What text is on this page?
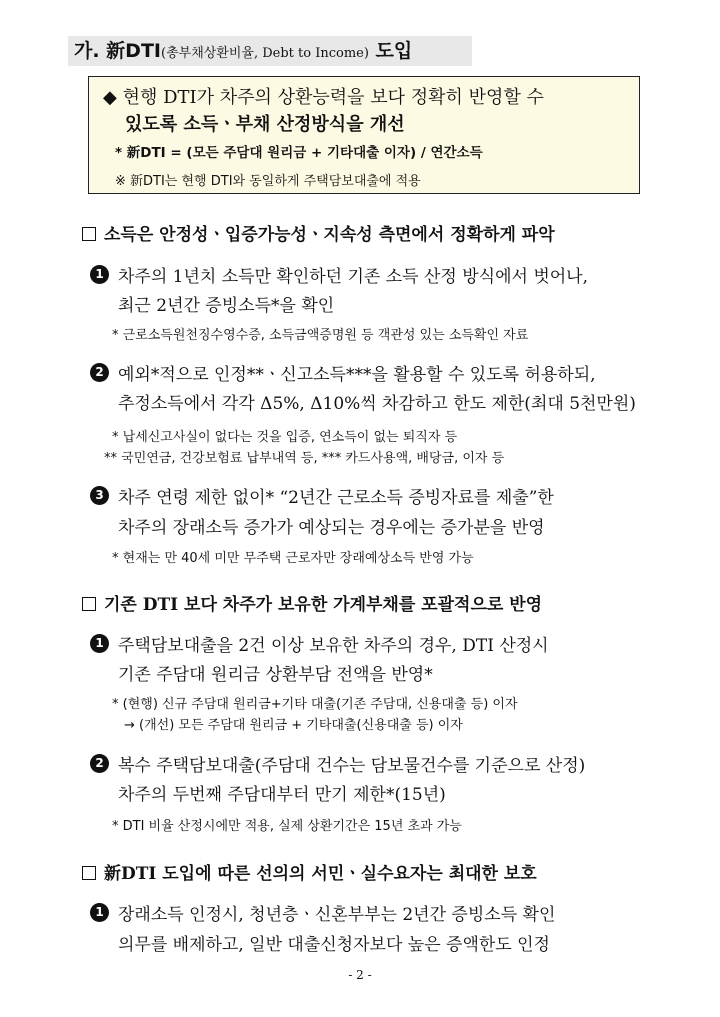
가. 新DTI(총부채상환비율, Debt to Income) 도입
◆ 현행 DTI가 차주의 상환능력을 보다 정확히 반영할 수
있도록 소득ㆍ부채 산정방식을 개선
* 新DTI = (모든 주담대 원리금 + 기타대출 이자) / 연간소득
※ 新DTI는 현행 DTI와 동일하게 주택담보대출에 적용
소득은 안정성ㆍ입증가능성ㆍ지속성 측면에서 정확하게 파악
1 차주의 1년치 소득만 확인하던 기존 소득 산정 방식에서 벗어나,
최근 2년간 증빙소득*을 확인
* 근로소득원천징수영수증, 소득금액증명원 등 객관성 있는 소득확인 자료
2 예외*적으로 인정**ㆍ신고소득***을 활용할 수 있도록 허용하되,
추정소득에서 각각 Δ5%, Δ10%씩 차감하고 한도 제한(최대 5천만원)
* 납세신고사실이 없다는 것을 입증, 연소득이 없는 퇴직자 등
** 국민연금, 건강보험료 납부내역 등, *** 카드사용액, 배당금, 이자 등
3 차주 연령 제한 없이* “2년간 근로소득 증빙자료를 제출”한
차주의 장래소득 증가가 예상되는 경우에는 증가분을 반영
* 현재는 만 40세 미만 무주택 근로자만 장래예상소득 반영 가능
기존 DTI 보다 차주가 보유한 가계부채를 포괄적으로 반영
1 주택담보대출을 2건 이상 보유한 차주의 경우, DTI 산정시
기존 주담대 원리금 상환부담 전액을 반영*
* (현행) 신규 주담대 원리금+기타 대출(기존 주담대, 신용대출 등) 이자
→ (개선) 모든 주담대 원리금 + 기타대출(신용대출 등) 이자
2 복수 주택담보대출(주담대 건수는 담보물건수를 기준으로 산정)
차주의 두번째 주담대부터 만기 제한*(15년)
* DTI 비율 산정시에만 적용, 실제 상환기간은 15년 초과 가능
新DTI 도입에 따른 선의의 서민ㆍ실수요자는 최대한 보호
1 장래소득 인정시, 청년층ㆍ신혼부부는 2년간 증빙소득 확인
의무를 배제하고, 일반 대출신청자보다 높은 증액한도 인정
- 2 -
